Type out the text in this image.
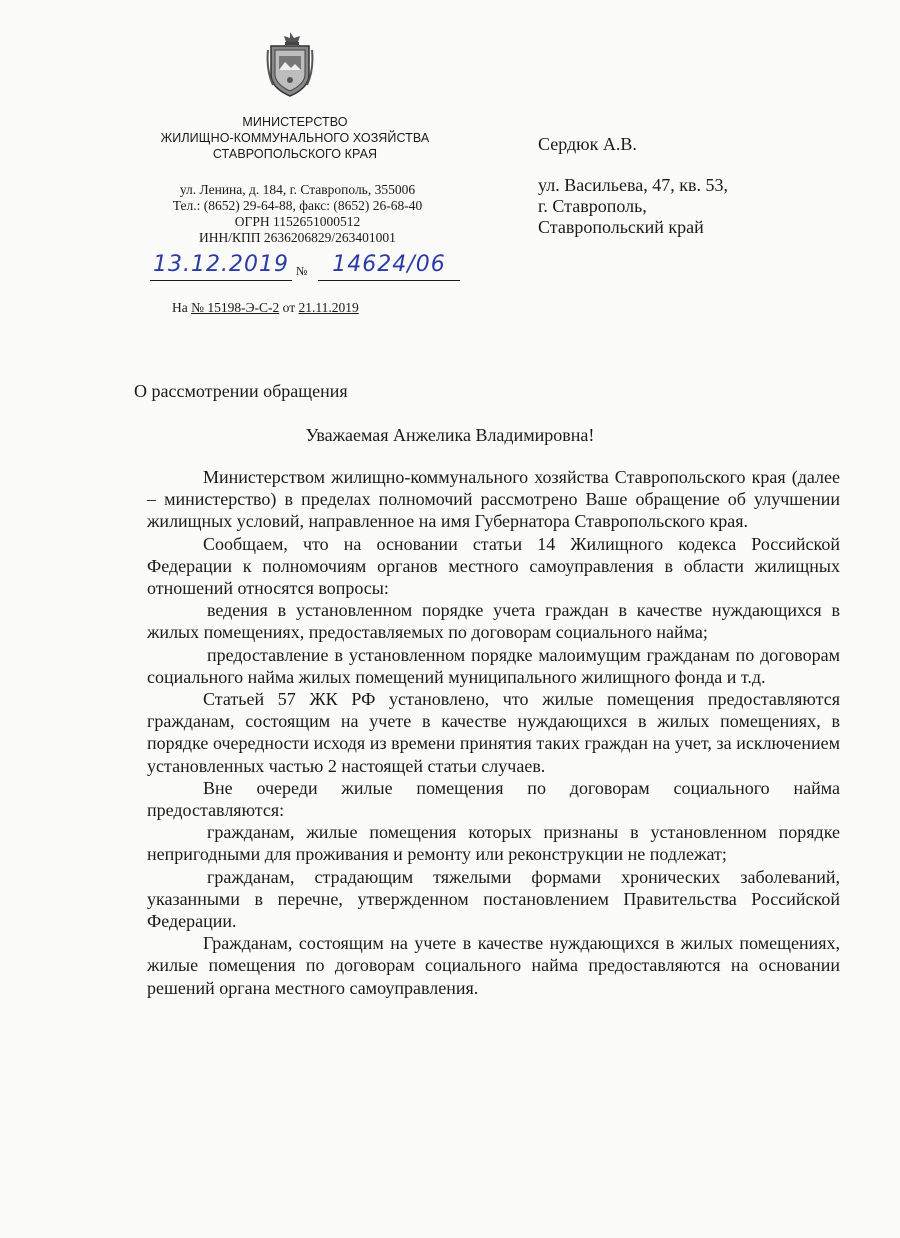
МИНИСТЕРСТВО
ЖИЛИЩНО-КОММУНАЛЬНОГО ХОЗЯЙСТВА
СТАВРОПОЛЬСКОГО КРАЯ
ул. Ленина, д. 184, г. Ставрополь, 355006
Тел.: (8652) 29-64-88, факс: (8652) 26-68-40
ОГРН 1152651000512
ИНН/КПП 2636206829/263401001
13.12.2019 №	14624/06
На № 15198-Э-С-2 от 21.11.2019
Сердюк А.В.
ул. Васильева, 47, кв. 53,
г. Ставрополь,
Ставропольский край
О рассмотрении обращения
Уважаемая Анжелика Владимировна!

Министерством жилищно-коммунального хозяйства Ставропольского края (далее – министерство) в пределах полномочий рассмотрено Ваше обращение об улучшении жилищных условий, направленное на имя Губернатора Ставропольского края.

Сообщаем, что на основании статьи 14 Жилищного кодекса Российской Федерации к полномочиям органов местного самоуправления в области жилищных отношений относятся вопросы:

ведения в установленном порядке учета граждан в качестве нуждающихся в жилых помещениях, предоставляемых по договорам социального найма;

предоставление в установленном порядке малоимущим гражданам по договорам социального найма жилых помещений муниципального жилищного фонда и т.д.

Статьей 57 ЖК РФ установлено, что жилые помещения предоставляются гражданам, состоящим на учете в качестве нуждающихся в жилых помещениях, в порядке очередности исходя из времени принятия таких граждан на учет, за исключением установленных частью 2 настоящей статьи случаев.

Вне очереди жилые помещения по договорам социального найма предоставляются:

гражданам, жилые помещения которых признаны в установленном порядке непригодными для проживания и ремонту или реконструкции не подлежат;

гражданам, страдающим тяжелыми формами хронических заболеваний, указанными в перечне, утвержденном постановлением Правительства Российской Федерации.

Гражданам, состоящим на учете в качестве нуждающихся в жилых помещениях, жилые помещения по договорам социального найма предоставляются на основании решений органа местного самоуправления.
